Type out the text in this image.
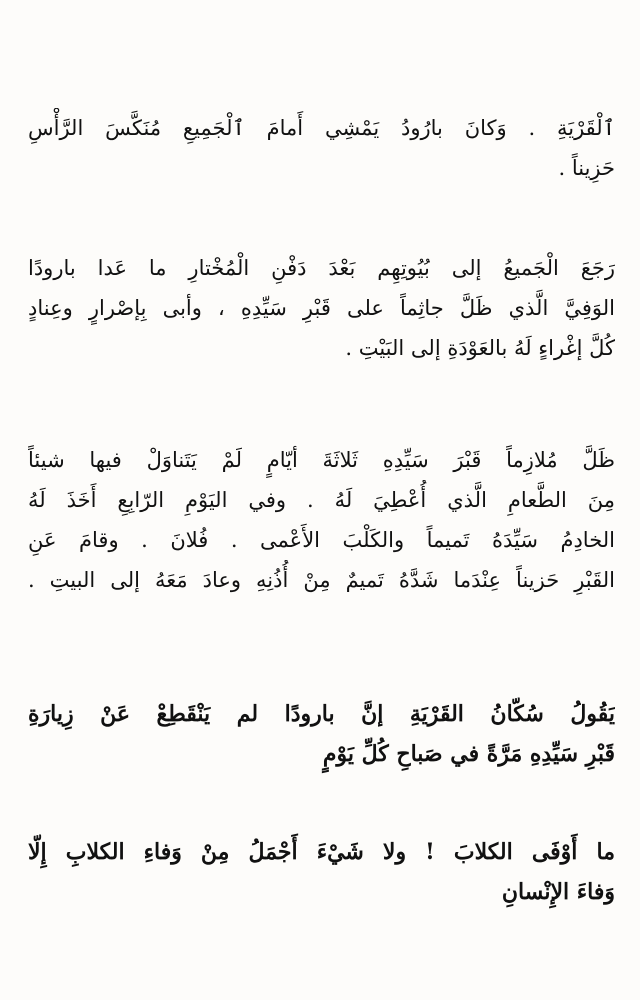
ٱلْقَرْيَةِ . وَكانَ بارُودُ يَمْشِي أَمامَ ٱلْجَمِيعِ مُنَكَّسَ الرَّأْسِ
حَزِيناً .
رَجَعَ الْجَميعُ إلى بُيُوتِهِم بَعْدَ دَفْنِ الْمُخْتارِ ما عَدا بارودًا
الوَفِيَّ الَّذي ظَلَّ جاثِماً على قَبْرِ سَيِّدِهِ ، وأبى بِإصْرارٍ وعِنادٍ
كُلَّ إغْراءٍ لَهُ بالعَوْدَةِ إلى البَيْتِ .
ظَلَّ مُلازِماً قَبْرَ سَيِّدِهِ ثَلاثَةَ أيّامٍ لَمْ يَتَناوَلْ فيها شيئاً
مِنَ الطَّعامِ الَّذي أُعْطِيَ لَهُ . وفي اليَوْمِ الرّابِعِ أَخَذَ لَهُ
الخادِمُ سَيِّدَهُ تَميماً والكَلْبَ الأَعْمى . فُلانَ . وقامَ عَنِ
القَبْرِ حَزيناً عِنْدَما شَدَّهُ تَميمٌ مِنْ أُذُنِهِ وعادَ مَعَهُ إلى البيتِ .
يَقُولُ سُكّانُ القَرْيَةِ إنَّ بارودًا لم يَنْقَطِعْ عَنْ زِيارَةِ
قَبْرِ سَيِّدِهِ مَرَّةً في صَباحِ كُلِّ يَوْمٍ
ما أَوْفَى الكلابَ ! ولا شَيْءَ أَجْمَلُ مِنْ وَفاءِ الكلابِ إِلّا
وَفاءَ الإِنْسانِ
